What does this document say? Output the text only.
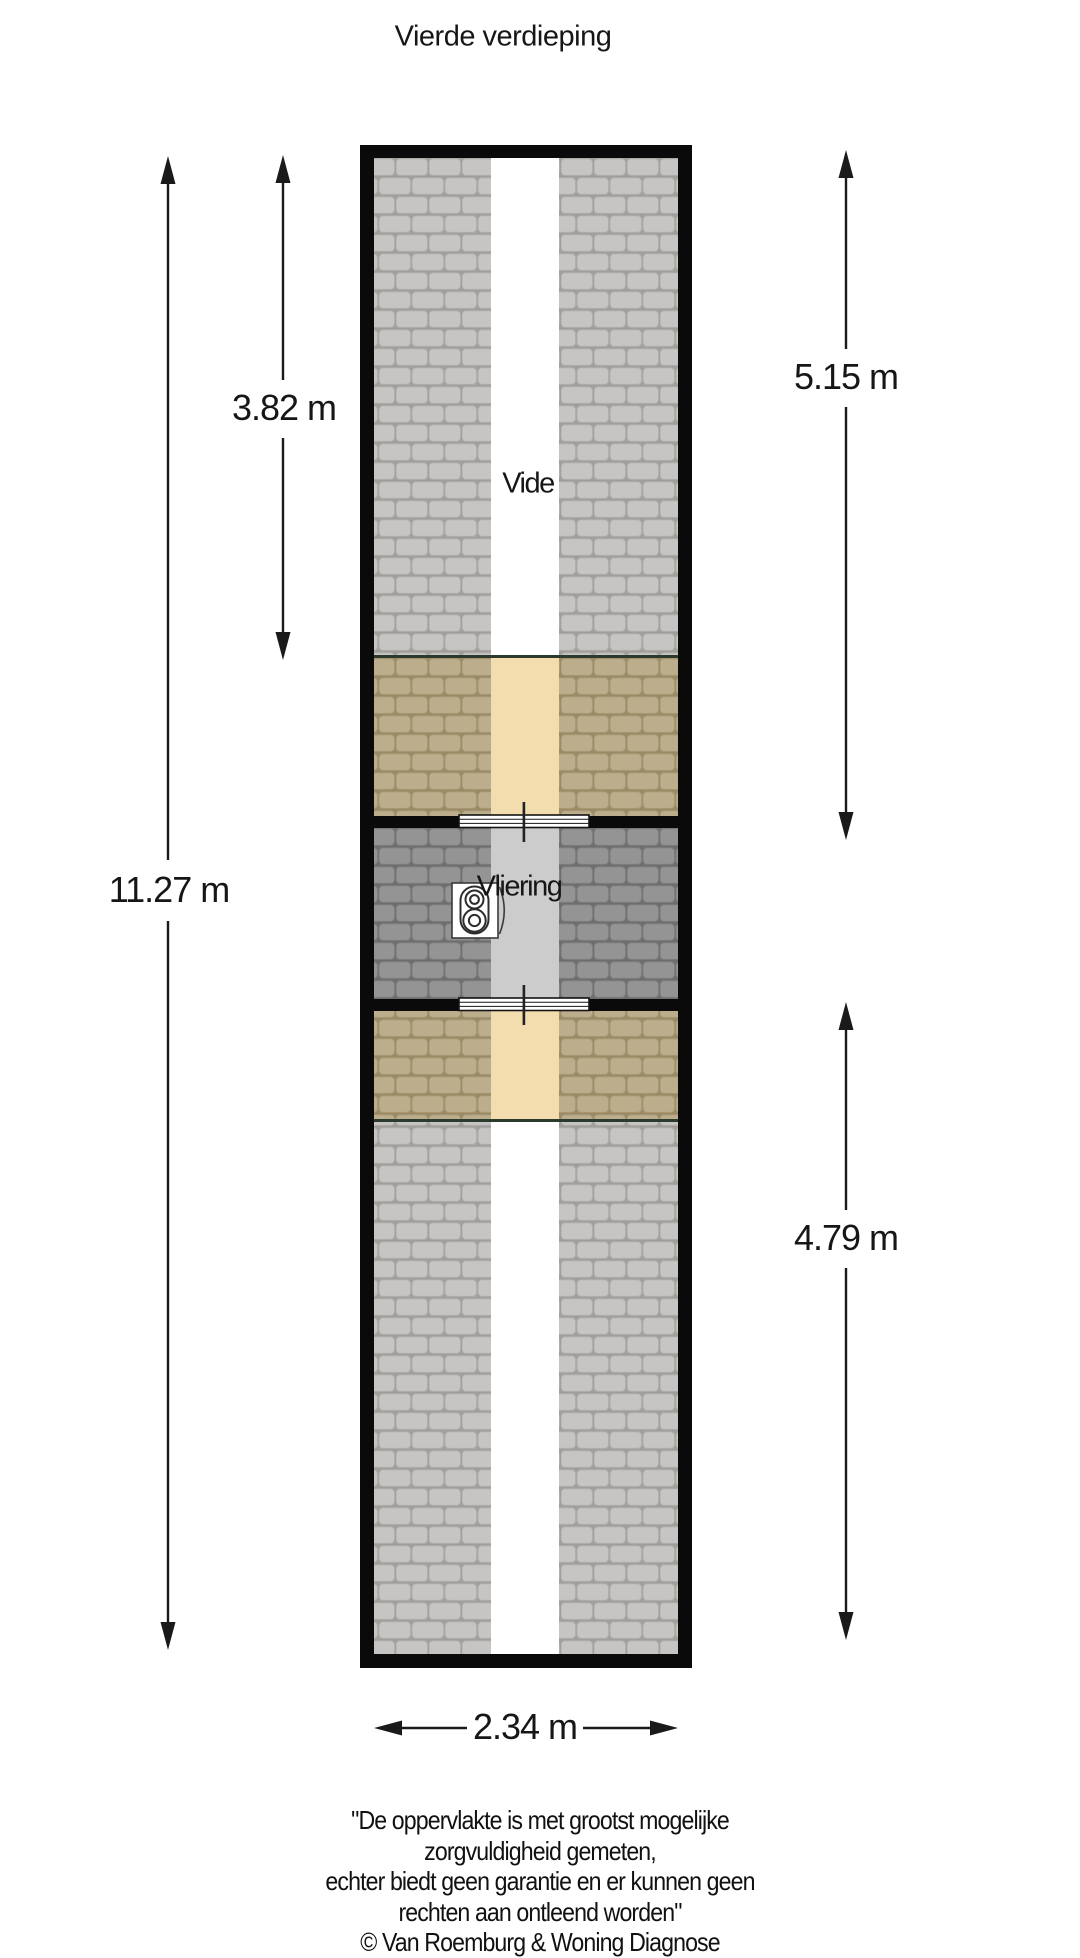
Vierde verdieping
3.82 m
5.15 m
11.27 m
4.79 m
2.34 m
Vide
Vliering
"De oppervlakte is met grootst mogelijke zorgvuldigheid gemeten,
echter biedt geen garantie en er kunnen geen rechten aan ontleend worden"
© Van Roemburg & Woning Diagnose
